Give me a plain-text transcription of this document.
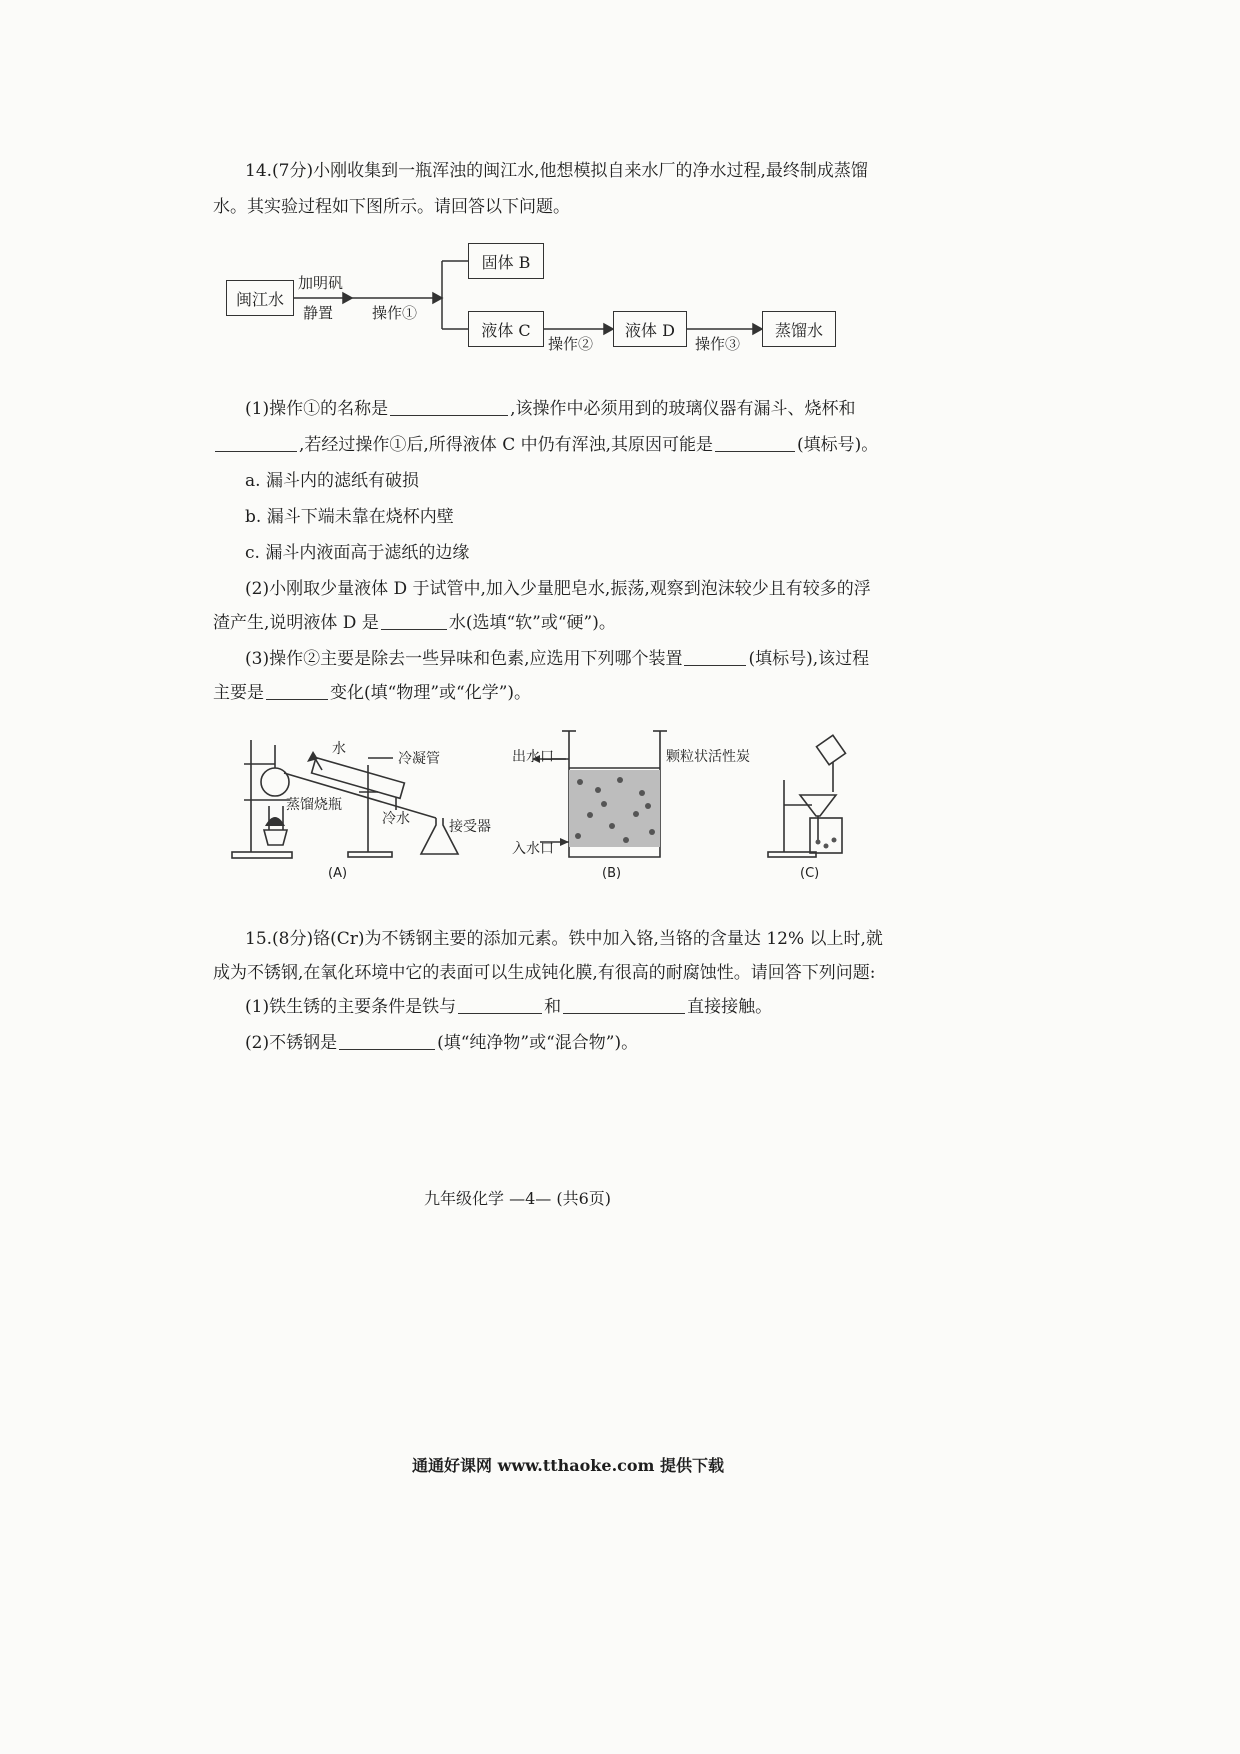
14.(7分)小刚收集到一瓶浑浊的闽江水,他想模拟自来水厂的净水过程,最终制成蒸馏
水。其实验过程如下图所示。请回答以下问题。
闽江水
加明矾
静置	操作①
固体 B
液体 C
操作②
液体 D
操作③
蒸馏水
(1)操作①的名称是	,该操作中必须用到的玻璃仪器有漏斗、烧杯和
,若经过操作①后,所得液体 C 中仍有浑浊,其原因可能是	(填标号)。
a. 漏斗内的滤纸有破损
b. 漏斗下端未靠在烧杯内壁
c. 漏斗内液面高于滤纸的边缘
(2)小刚取少量液体 D 于试管中,加入少量肥皂水,振荡,观察到泡沫较少且有较多的浮
渣产生,说明液体 D 是	水(选填“软”或“硬”)。
(3)操作②主要是除去一些异味和色素,应选用下列哪个装置	(填标号),该过程
主要是	变化(填“物理”或“化学”)。
水
冷凝管
蒸馏烧瓶
冷水	接受器
(A)
出水口	颗粒状活性炭
入水口
(B)	(C)
15.(8分)铬(Cr)为不锈钢主要的添加元素。铁中加入铬,当铬的含量达 12% 以上时,就
成为不锈钢,在氧化环境中它的表面可以生成钝化膜,有很高的耐腐蚀性。请回答下列问题:
(1)铁生锈的主要条件是铁与	和	直接接触。
(2)不锈钢是	(填“纯净物”或“混合物”)。
九年级化学 —4— (共6页)
通通好课网 www.tthaoke.com 提供下载
